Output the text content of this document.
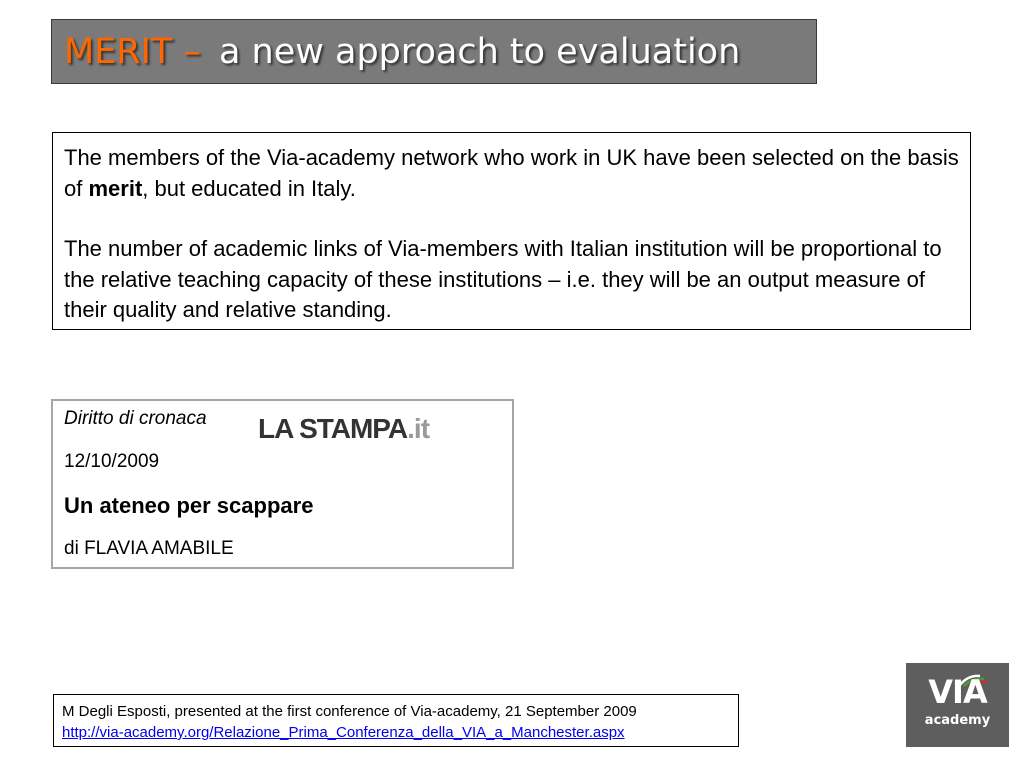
MERIT – a new approach to evaluation

The members of the Via-academy network who work in UK have been selected on the basis of merit, but educated in Italy.

The number of academic links of Via-members with Italian institution will be proportional to the relative teaching capacity of these institutions – i.e. they will be an output measure of their quality and relative standing.

Diritto di cronaca LA STAMPA.it
12/10/2009
Un ateneo per scappare
di FLAVIA AMABILE
M Degli Esposti, presented at the first conference of Via-academy, 21 September 2009
http://via-academy.org/Relazione_Prima_Conferenza_della_VIA_a_Manchester.aspx
VIA
academy
